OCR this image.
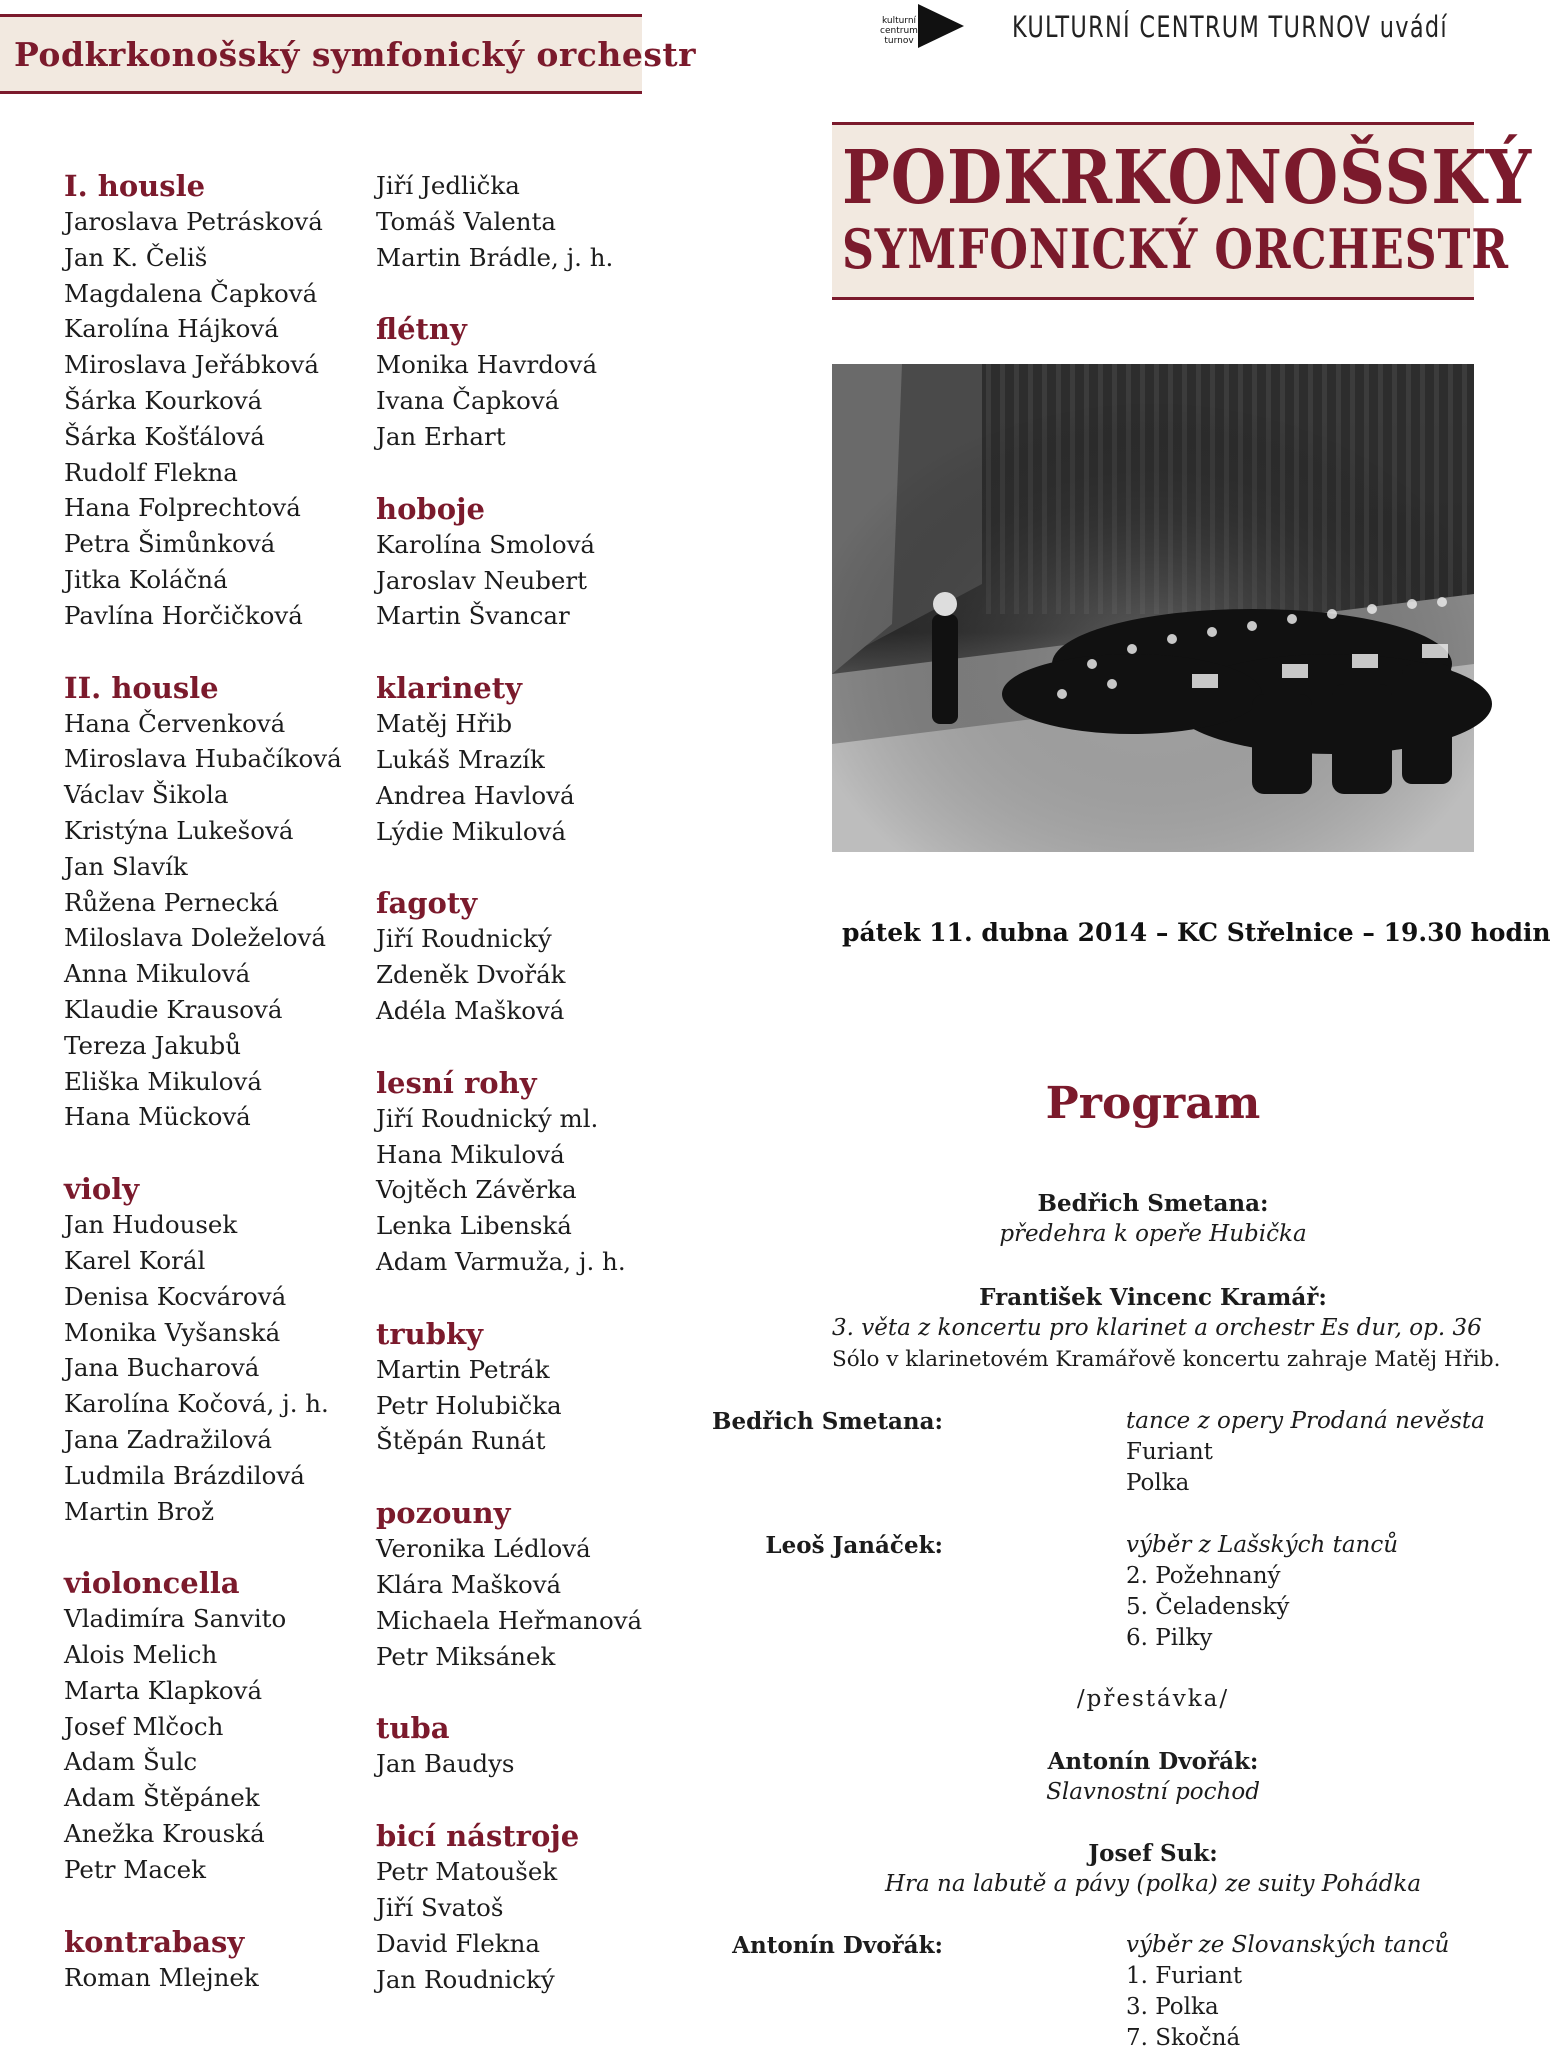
Podkrkonošský symfonický orchestr
kulturní centrum turnov	KULTURNÍ CENTRUM TURNOV uvádí
I. housle
Jaroslava Petrásková
Jan K. Čeliš
Magdalena Čapková
Karolína Hájková
Miroslava Jeřábková
Šárka Kourková
Šárka Košťálová
Rudolf Flekna
Hana Folprechtová
Petra Šimůnková
Jitka Koláčná
Pavlína Horčičková
II. housle
Hana Červenková
Miroslava Hubačíková
Václav Šikola
Kristýna Lukešová
Jan Slavík
Růžena Pernecká
Miloslava Doleželová
Anna Mikulová
Klaudie Krausová
Tereza Jakubů
Eliška Mikulová
Hana Mücková
violy
Jan Hudousek
Karel Korál
Denisa Kocvárová
Monika Vyšanská
Jana Bucharová
Karolína Kočová, j. h.
Jana Zadražilová
Ludmila Brázdilová
Martin Brož
violoncella
Vladimíra Sanvito
Alois Melich
Marta Klapková
Josef Mlčoch
Adam Šulc
Adam Štěpánek
Anežka Krouská
Petr Macek
kontrabasy
Roman Mlejnek
Jiří Jedlička
Tomáš Valenta
Martin Brádle, j. h.
flétny
Monika Havrdová
Ivana Čapková
Jan Erhart
hoboje
Karolína Smolová
Jaroslav Neubert
Martin Švancar
klarinety
Matěj Hřib
Lukáš Mrazík
Andrea Havlová
Lýdie Mikulová
fagoty
Jiří Roudnický
Zdeněk Dvořák
Adéla Mašková
lesní rohy
Jiří Roudnický ml.
Hana Mikulová
Vojtěch Závěrka
Lenka Libenská
Adam Varmuža, j. h.
trubky
Martin Petrák
Petr Holubička
Štěpán Runát
pozouny
Veronika Lédlová
Klára Mašková
Michaela Heřmanová
Petr Miksánek
tuba
Jan Baudys
bicí nástroje
Petr Matoušek
Jiří Svatoš
David Flekna
Jan Roudnický
PODKRKONOŠSKÝ
SYMFONICKÝ ORCHESTR
pátek 11. dubna 2014 – KC Střelnice – 19.30 hodin
Program
Bedřich Smetana:
předehra k opeře Hubička
František Vincenc Kramář:
3. věta z koncertu pro klarinet a orchestr Es dur, op. 36
Sólo v klarinetovém Kramářově koncertu zahraje Matěj Hřib.
Bedřich Smetana:	tance z opery Prodaná nevěsta
Furiant
Polka
Leoš Janáček:	výběr z Lašských tanců
2. Požehnaný
5. Čeladenský
6. Pilky
/přestávka/
Antonín Dvořák:
Slavnostní pochod
Josef Suk:
Hra na labutě a pávy (polka) ze suity Pohádka
Antonín Dvořák:	výběr ze Slovanských tanců
1. Furiant
3. Polka
7. Skočná
